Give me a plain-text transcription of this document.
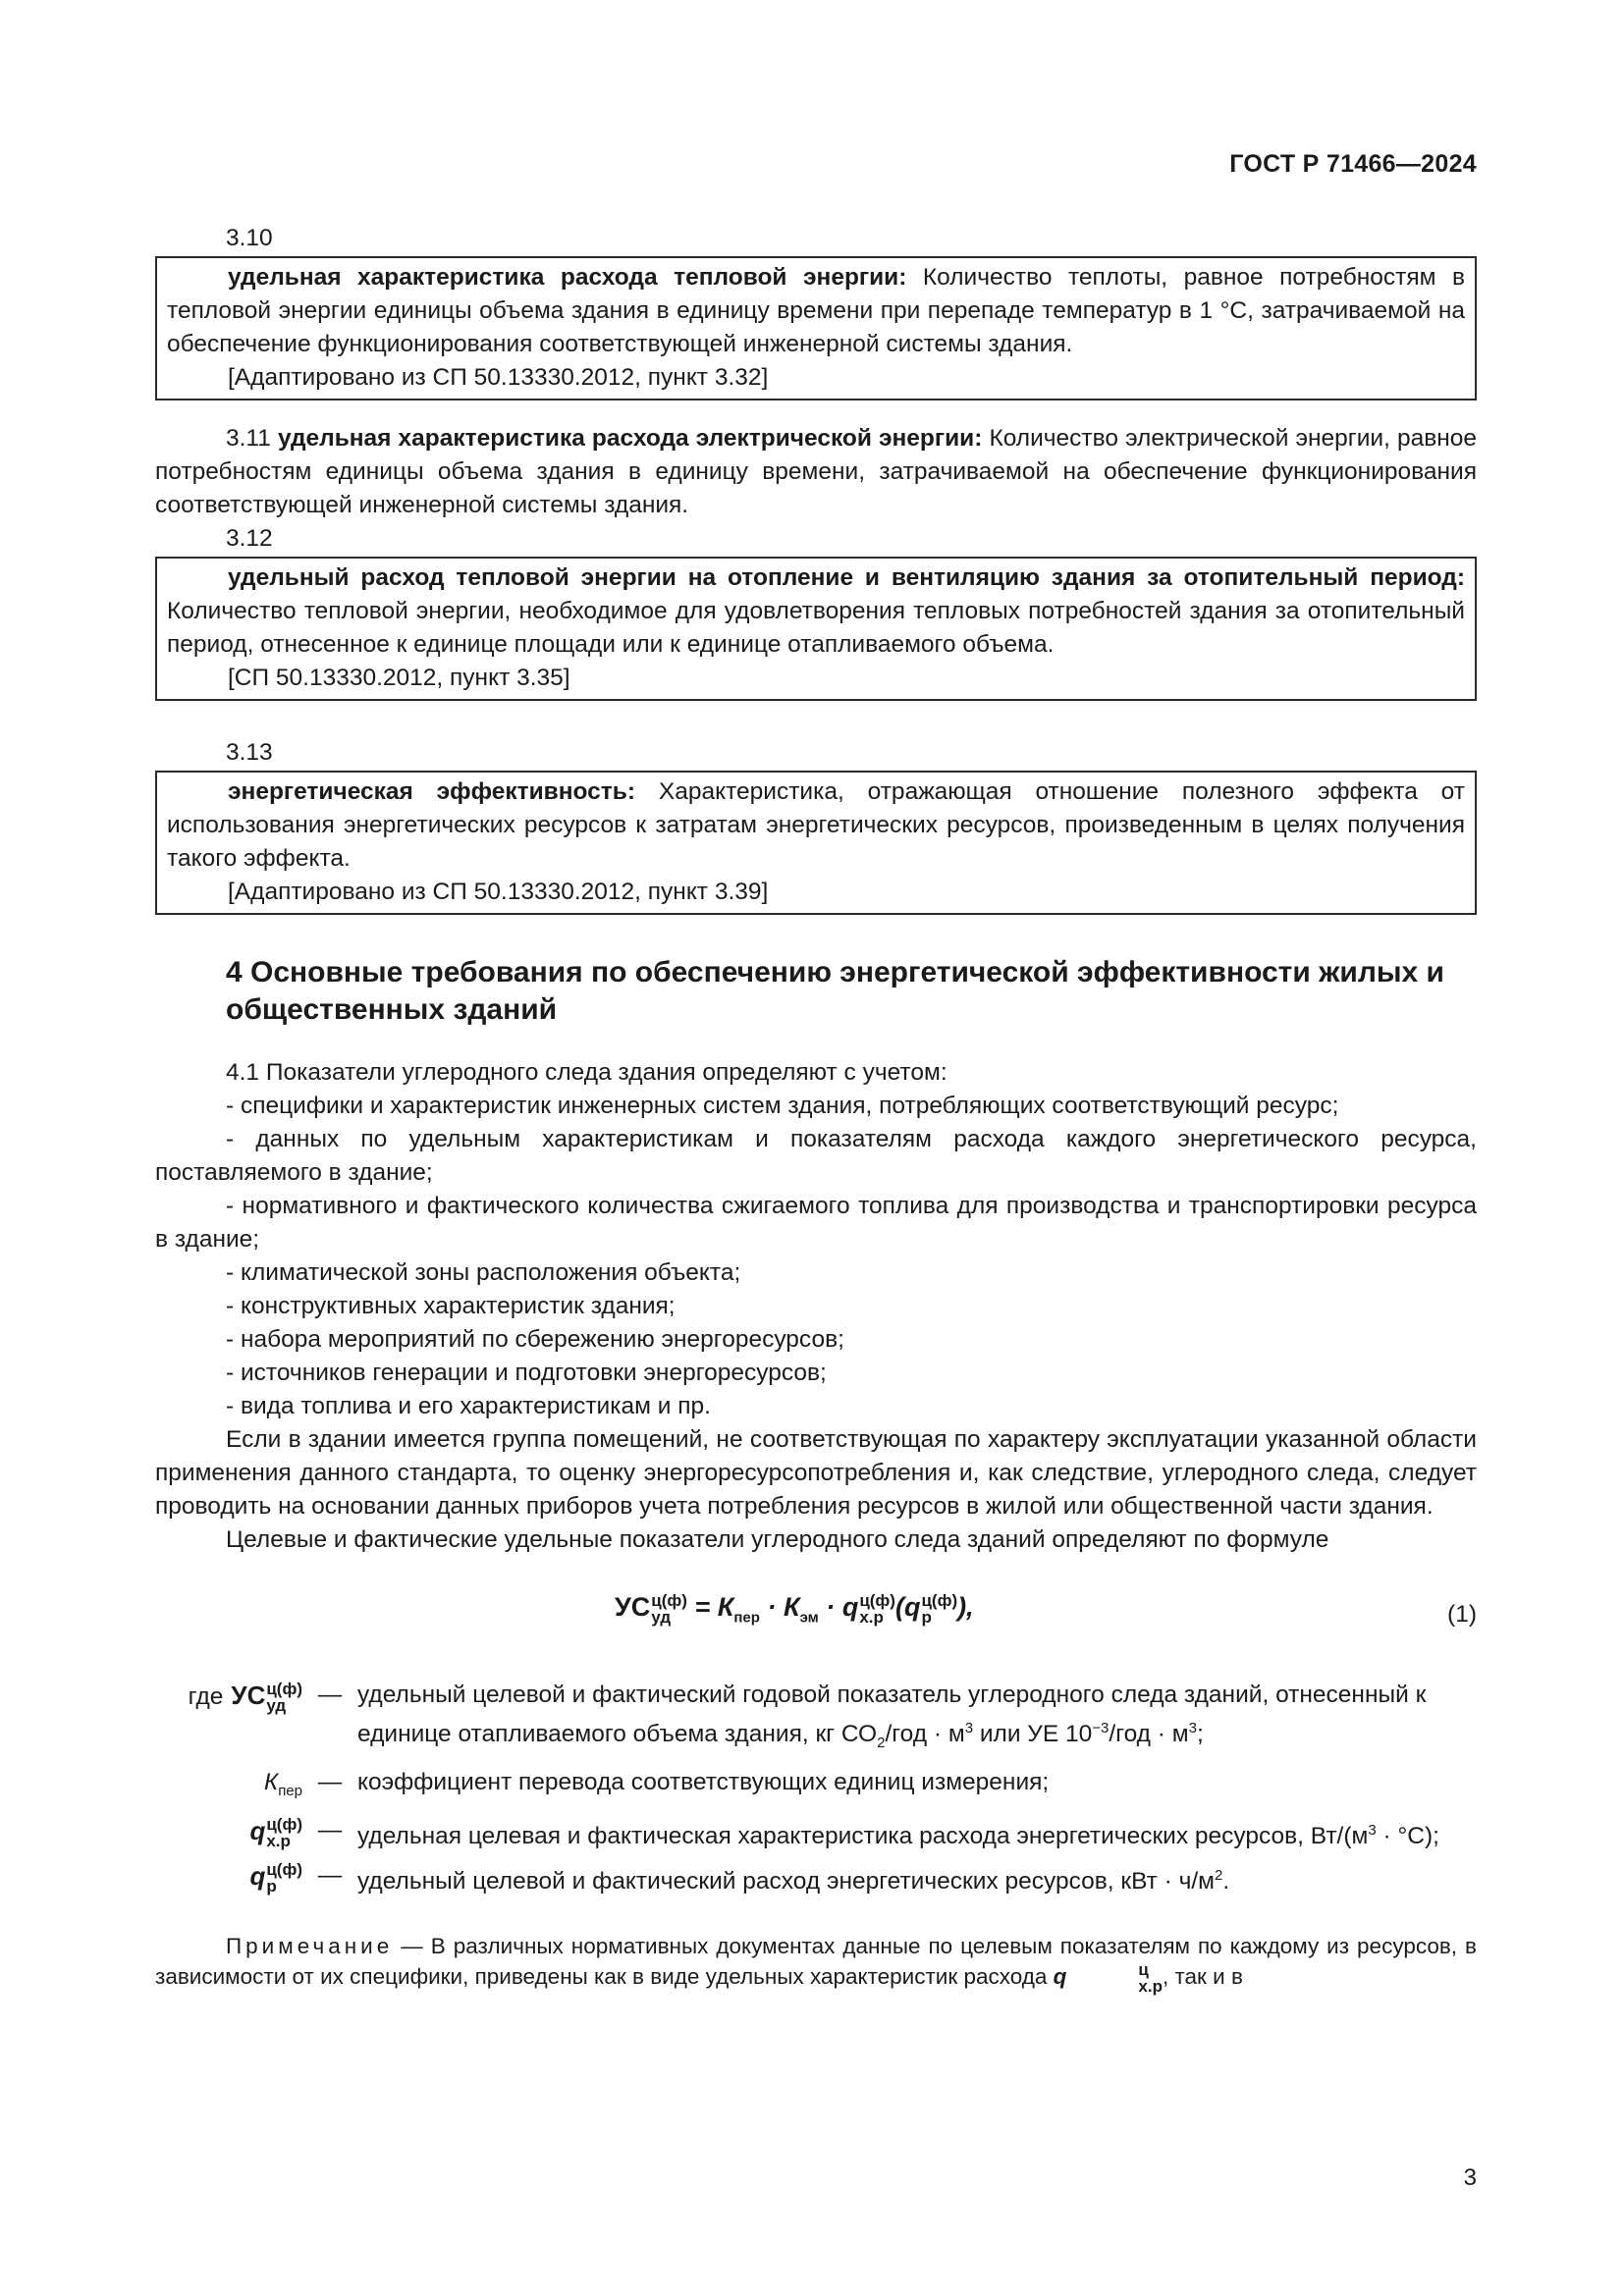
ГОСТ Р 71466—2024

3.10

удельная характеристика расхода тепловой энергии: Количество теплоты, равное потребностям в тепловой энергии единицы объема здания в единицу времени при перепаде температур в 1 °С, затрачиваемой на обеспечение функционирования соответствующей инженерной системы здания.

[Адаптировано из СП 50.13330.2012, пункт 3.32]

3.11 удельная характеристика расхода электрической энергии: Количество электрической энергии, равное потребностям единицы объема здания в единицу времени, затрачиваемой на обеспечение функционирования соответствующей инженерной системы здания.

3.12

удельный расход тепловой энергии на отопление и вентиляцию здания за отопительный период: Количество тепловой энергии, необходимое для удовлетворения тепловых потребностей здания за отопительный период, отнесенное к единице площади или к единице отапливаемого объема.

[СП 50.13330.2012, пункт 3.35]

3.13

энергетическая эффективность: Характеристика, отражающая отношение полезного эффекта от использования энергетических ресурсов к затратам энергетических ресурсов, произведенным в целях получения такого эффекта.

[Адаптировано из СП 50.13330.2012, пункт 3.39]

4 Основные требования по обеспечению энергетической эффективности жилых и общественных зданий

4.1 Показатели углеродного следа здания определяют с учетом:

- специфики и характеристик инженерных систем здания, потребляющих соответствующий ресурс;

- данных по удельным характеристикам и показателям расхода каждого энергетического ресурса, поставляемого в здание;

- нормативного и фактического количества сжигаемого топлива для производства и транспортировки ресурса в здание;

- климатической зоны расположения объекта;

- конструктивных характеристик здания;

- набора мероприятий по сбережению энергоресурсов;

- источников генерации и подготовки энергоресурсов;

- вида топлива и его характеристикам и пр.

Если в здании имеется группа помещений, не соответствующая по характеру эксплуатации указанной области применения данного стандарта, то оценку энергоресурсопотребления и, как следствие, углеродного следа, следует проводить на основании данных приборов учета потребления ресурсов в жилой или общественной части здания.

Целевые и фактические удельные показатели углеродного следа зданий определяют по формуле

УС ц(ф)
уд = $К_{пер} \cdot К_{эм} \cdot q$ ц(ф)
х.р (q ц(ф)
р ),	(1)
где УС ц(ф)
уд	— удельный целевой и фактический годовой показатель углеродного следа зданий, отнесенный к единице отапливаемого объема здания, кг $СО_2$/год · $м^3$ или УЕ $10^{-3}$/год · $м^3$;
$К_{пер}$ — коэффициент перевода соответствующих единиц измерения;
q ц(ф)
х.р	— удельная целевая и фактическая характеристика расхода энергетических ресурсов, $Вт/(м^3 \cdot ^\circ С)$;
q ц(ф)
р	— удельный целевой и фактический расход энергетических ресурсов, кВт · $ч/м^2$.

Примечание — В различных нормативных документах данные по целевым показателям по каждому из ресурсов, в зависимости от их специфики, приведены как в виде удельных характеристик расхода q	ц
х.р , так и в

3
